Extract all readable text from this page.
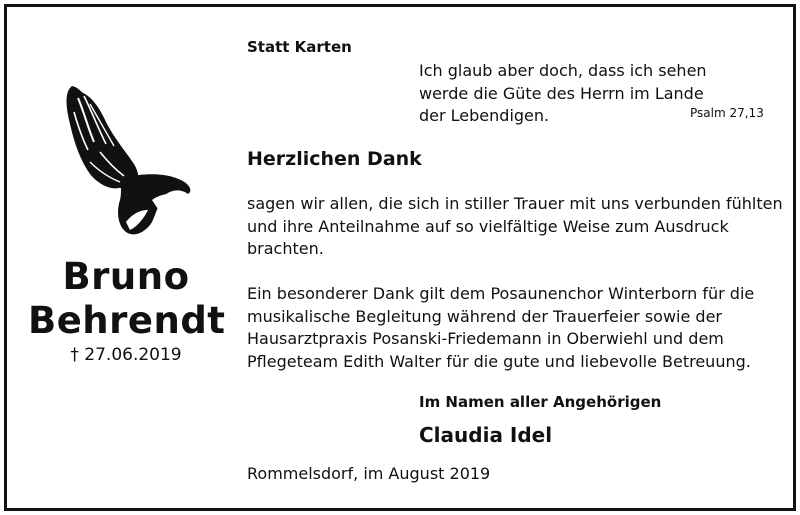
Bruno
Behrendt
† 27.06.2019
Statt Karten
Ich glaub aber doch, dass ich sehen
werde die Güte des Herrn im Lande
der Lebendigen.	Psalm 27,13
Herzlichen Dank
sagen wir allen, die sich in stiller Trauer mit uns verbunden fühlten
und ihre Anteilnahme auf so vielfältige Weise zum Ausdruck
brachten.
Ein besonderer Dank gilt dem Posaunenchor Winterborn für die
musikalische Begleitung während der Trauerfeier sowie der
Hausarztpraxis Posanski-Friedemann in Oberwiehl und dem
Pflegeteam Edith Walter für die gute und liebevolle Betreuung.
Im Namen aller Angehörigen
Claudia Idel
Rommelsdorf, im August 2019
